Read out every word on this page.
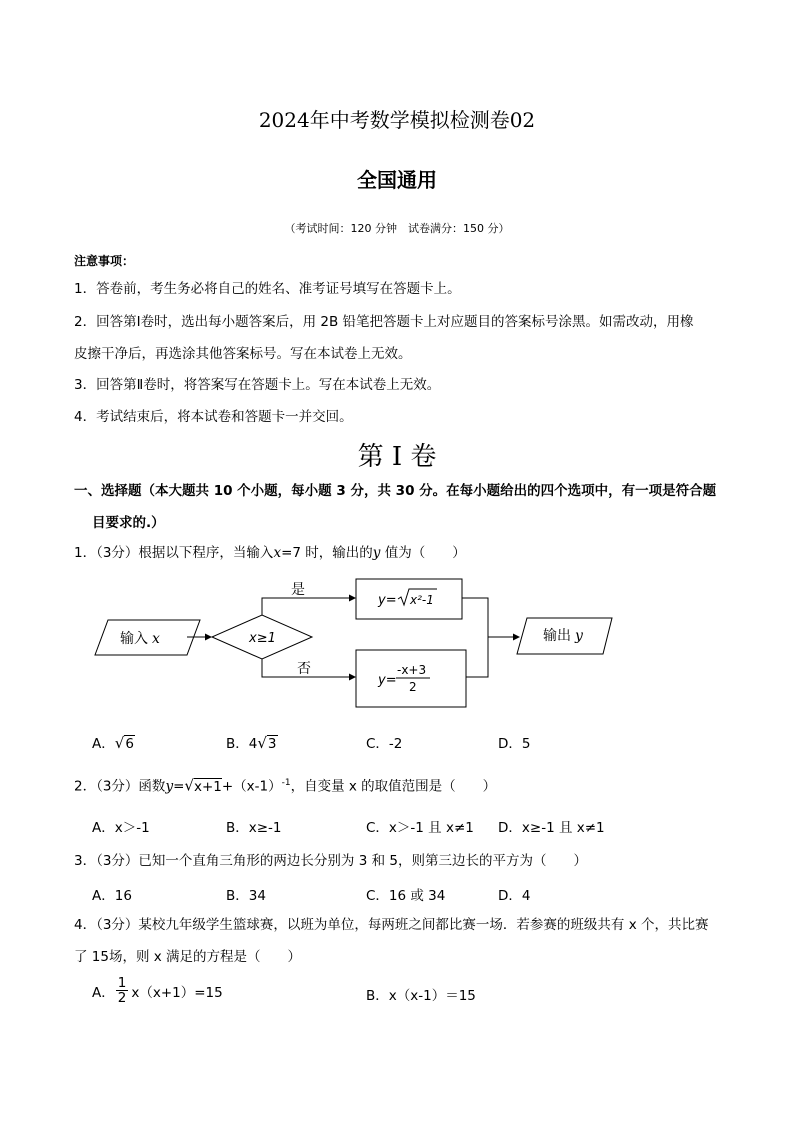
2024年中考数学模拟检测卷02
全国通用
（考试时间：120 分钟　试卷满分：150 分）
注意事项：
1．答卷前，考生务必将自己的姓名、准考证号填写在答题卡上。
2．回答第Ⅰ卷时，选出每小题答案后，用 2B 铅笔把答题卡上对应题目的答案标号涂黑。如需改动，用橡
皮擦干净后，再选涂其他答案标号。写在本试卷上无效。
3．回答第Ⅱ卷时，将答案写在答题卡上。写在本试卷上无效。
4．考试结束后，将本试卷和答题卡一并交回。
第 I 卷
一、选择题（本大题共 10 个小题，每小题 3 分，共 30 分。在每小题给出的四个选项中，有一项是符合题
目要求的.）
1．（3分）根据以下程序，当输入x=7 时，输出的y 值为（　　）
输入 x	x≥1
是
y= x²-1
否
y=
-x+3
2
输出 y
A．√6	B．4√3	C．-2	D．5
2．（3分）函数$y=√x+1+(x-1)^{-1}$，自变量 x 的取值范围是（　　）
A．x＞-1	B．x≥-1	C．x＞-1 且 x≠1 D．x≥-1 且 x≠1
3．（3分）已知一个直角三角形的两边长分别为 3 和 5，则第三边长的平方为（　　）
A．16	B．34	C．16 或 34	D．4
4．（3分）某校九年级学生篮球赛，以班为单位，每两班之间都比赛一场．若参赛的班级共有 x 个，共比赛
了 15场，则 x 满足的方程是（　　）
A． $\frac{1}{2} x(x+1)=15$	B．x（x-1）＝15
